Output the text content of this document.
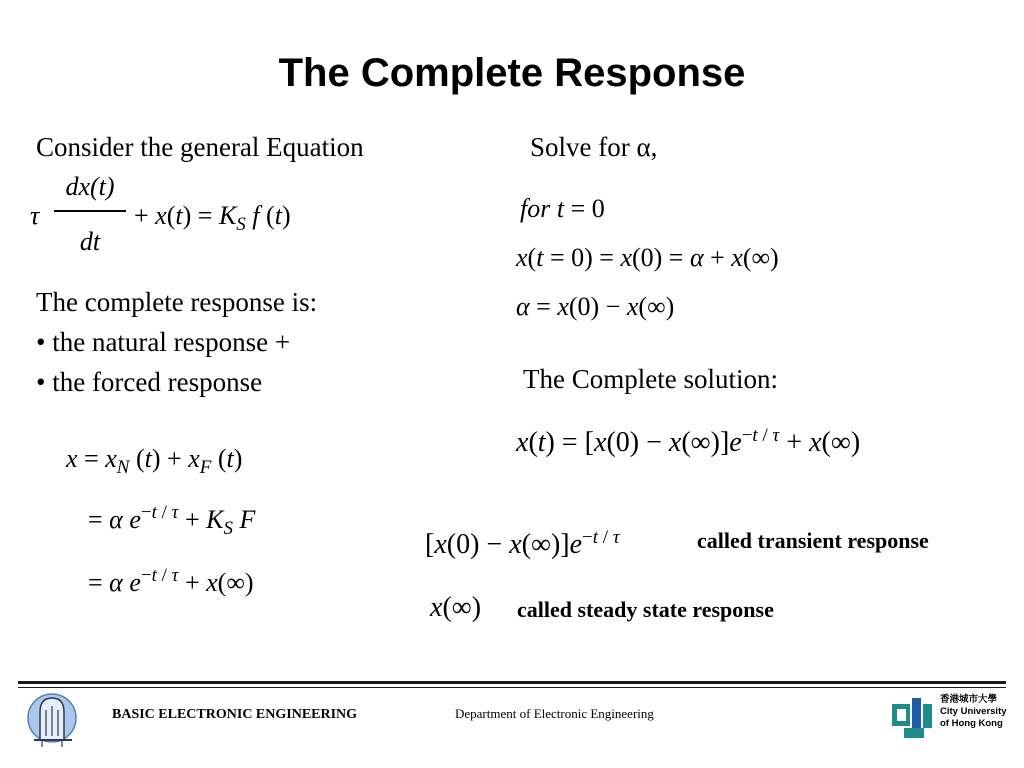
The Complete Response
Consider the general Equation
τ
dx(t)
dt
+ $x(t) = K_S$ f (t)
The complete response is:
• the natural response +
• the forced response
$x = x_N$ $(t) + x_F$ (t)
= α $e^{-t / \tau} + K_S$ F
= α $e^{-t / \tau} + x(\infty)$
Solve for α,
for t = 0
x(t = 0) = x(0) = α + x(∞)
α = x(0) − x(∞)
The Complete solution:
$x(t) = [x(0) - x(\infty)]e^{-t / \tau} + x(\infty)$
$[x(0) - x(\infty)]e^{-t / \tau}$	called transient response
x(∞) called steady state response
BASIC ELECTRONIC ENGINEERING	Department of Electronic Engineering
香港城市大學
City University
of Hong Kong
